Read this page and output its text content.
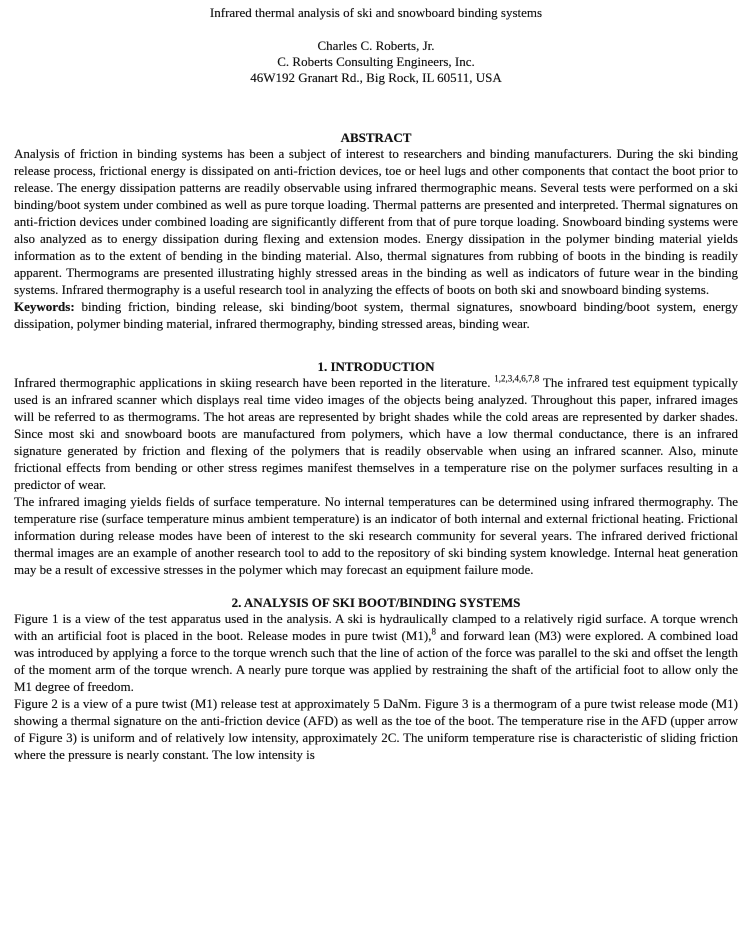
Infrared thermal analysis of ski and snowboard binding systems
Charles C. Roberts, Jr.
C. Roberts Consulting Engineers, Inc.
46W192 Granart Rd., Big Rock, IL 60511, USA
ABSTRACT

Analysis of friction in binding systems has been a subject of interest to researchers and binding manufacturers. During the ski binding release process, frictional energy is dissipated on anti-friction devices, toe or heel lugs and other components that contact the boot prior to release. The energy dissipation patterns are readily observable using infrared thermographic means. Several tests were performed on a ski binding/boot system under combined as well as pure torque loading. Thermal patterns are presented and interpreted. Thermal signatures on anti-friction devices under combined loading are significantly different from that of pure torque loading. Snowboard binding systems were also analyzed as to energy dissipation during flexing and extension modes. Energy dissipation in the polymer binding material yields information as to the extent of bending in the binding material. Also, thermal signatures from rubbing of boots in the binding is readily apparent. Thermograms are presented illustrating highly stressed areas in the binding as well as indicators of future wear in the binding systems. Infrared thermography is a useful research tool in analyzing the effects of boots on both ski and snowboard binding systems.

Keywords: binding friction, binding release, ski binding/boot system, thermal signatures, snowboard binding/boot system, energy dissipation, polymer binding material, infrared thermography, binding stressed areas, binding wear.

1. INTRODUCTION

Infrared thermographic applications in skiing research have been reported in the literature. $^{1,2,3,4,6,7,8}$ The infrared test equipment typically used is an infrared scanner which displays real time video images of the objects being analyzed. Throughout this paper, infrared images will be referred to as thermograms. The hot areas are represented by bright shades while the cold areas are represented by darker shades. Since most ski and snowboard boots are manufactured from polymers, which have a low thermal conductance, there is an infrared signature generated by friction and flexing of the polymers that is readily observable when using an infrared scanner. Also, minute frictional effects from bending or other stress regimes manifest themselves in a temperature rise on the polymer surfaces resulting in a predictor of wear.

The infrared imaging yields fields of surface temperature. No internal temperatures can be determined using infrared thermography. The temperature rise (surface temperature minus ambient temperature) is an indicator of both internal and external frictional heating. Frictional information during release modes have been of interest to the ski research community for several years. The infrared derived frictional thermal images are an example of another research tool to add to the repository of ski binding system knowledge. Internal heat generation may be a result of excessive stresses in the polymer which may forecast an equipment failure mode.

2. ANALYSIS OF SKI BOOT/BINDING SYSTEMS

Figure 1 is a view of the test apparatus used in the analysis. A ski is hydraulically clamped to a relatively rigid surface. A torque wrench with an artificial foot is placed in the boot. Release modes in pure twist (M1),$^8$ and forward lean (M3) were explored. A combined load was introduced by applying a force to the torque wrench such that the line of action of the force was parallel to the ski and offset the length of the moment arm of the torque wrench. A nearly pure torque was applied by restraining the shaft of the artificial foot to allow only the M1 degree of freedom.

Figure 2 is a view of a pure twist (M1) release test at approximately 5 DaNm. Figure 3 is a thermogram of a pure twist release mode (M1) showing a thermal signature on the anti-friction device (AFD) as well as the toe of the boot. The temperature rise in the AFD (upper arrow of Figure 3) is uniform and of relatively low intensity, approximately 2C. The uniform temperature rise is characteristic of sliding friction where the pressure is nearly constant. The low intensity is
